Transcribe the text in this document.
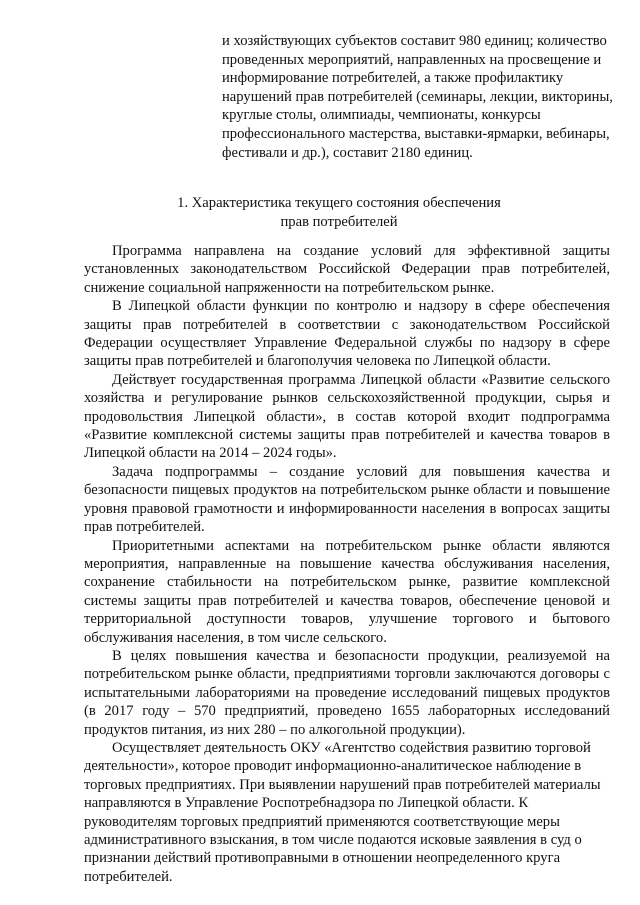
и хозяйствующих субъектов составит 980 единиц; количество проведенных мероприятий, направленных на просвещение и информирование потребителей, а также профилактику нарушений прав потребителей (семинары, лекции, викторины, круглые столы, олимпиады, чемпионаты, конкурсы профессионального мастерства, выставки-ярмарки, вебинары, фестивали и др.), составит 2180 единиц.
1. Характеристика текущего состояния обеспечения
прав потребителей

Программа направлена на создание условий для эффективной защиты установленных законодательством Российской Федерации прав потребителей, снижение социальной напряженности на потребительском рынке.

В Липецкой области функции по контролю и надзору в сфере обеспечения защиты прав потребителей в соответствии с законодательством Российской Федерации осуществляет Управление Федеральной службы по надзору в сфере защиты прав потребителей и благополучия человека по Липецкой области.

Действует государственная программа Липецкой области «Развитие сельского хозяйства и регулирование рынков сельскохозяйственной продукции, сырья и продовольствия Липецкой области», в состав которой входит подпрограмма «Развитие комплексной системы защиты прав потребителей и качества товаров в Липецкой области на 2014 – 2024 годы».

Задача подпрограммы – создание условий для повышения качества и безопасности пищевых продуктов на потребительском рынке области и повышение уровня правовой грамотности и информированности населения в вопросах защиты прав потребителей.

Приоритетными аспектами на потребительском рынке области являются мероприятия, направленные на повышение качества обслуживания населения, сохранение стабильности на потребительском рынке, развитие комплексной системы защиты прав потребителей и качества товаров, обеспечение ценовой и территориальной доступности товаров, улучшение торгового и бытового обслуживания населения, в том числе сельского.

В целях повышения качества и безопасности продукции, реализуемой на потребительском рынке области, предприятиями торговли заключаются договоры с испытательными лабораториями на проведение исследований пищевых продуктов (в 2017 году – 570 предприятий, проведено 1655 лабораторных исследований продуктов питания, из них 280 – по алкогольной продукции).

Осуществляет деятельность ОКУ «Агентство содействия развитию торговой деятельности», которое проводит информационно-аналитическое наблюдение в торговых предприятиях. При выявлении нарушений прав потребителей материалы направляются в Управление Роспотребнадзора по Липецкой области. К руководителям торговых предприятий применяются соответствующие меры административного взыскания, в том числе подаются исковые заявления в суд о признании действий противоправными в отношении неопределенного круга потребителей.
